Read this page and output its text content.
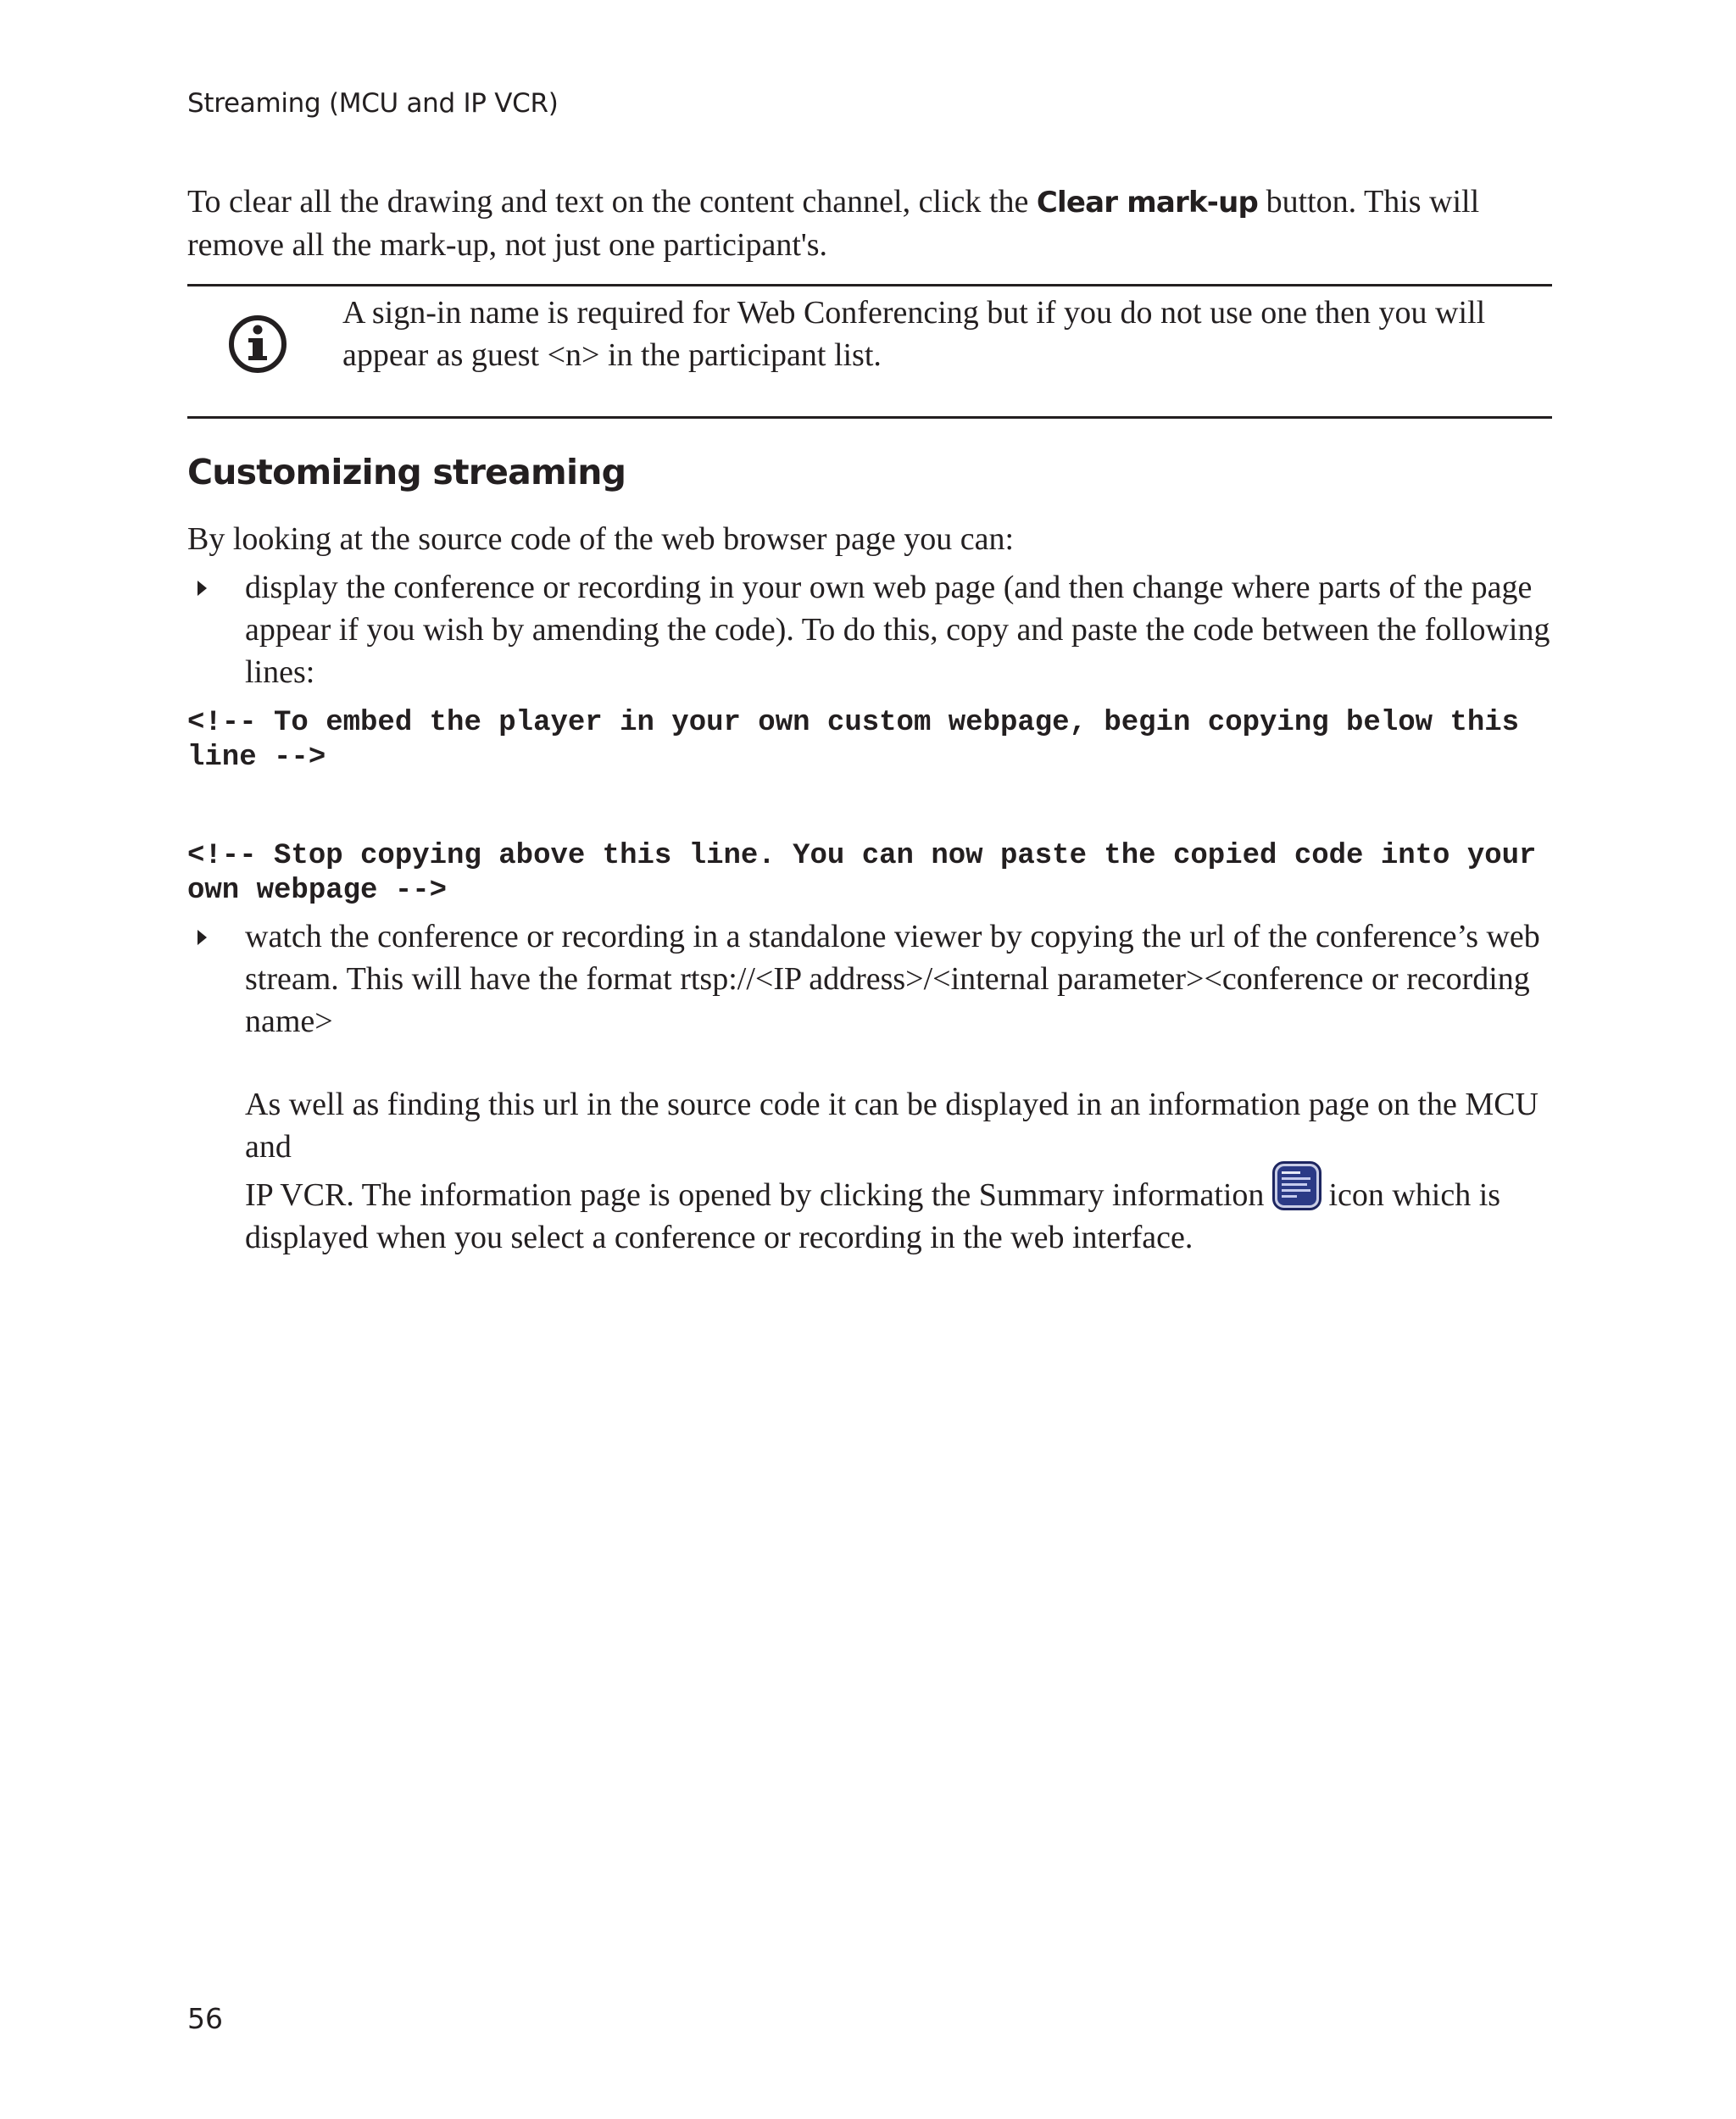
Streaming (MCU and IP VCR)

To clear all the drawing and text on the content channel, click the Clear mark-up button. This will remove all the mark-up, not just one participant's.

A sign-in name is required for Web Conferencing but if you do not use one then you will appear as guest <n> in the participant list.

Customizing streaming

By looking at the source code of the web browser page you can:

display the conference or recording in your own web page (and then change where parts of the page appear if you wish by amending the code). To do this, copy and paste the code between the following lines:

<!-- To embed the player in your own custom webpage, begin copying below this line -->
<!-- Stop copying above this line. You can now paste the copied code into your own webpage -->

watch the conference or recording in a standalone viewer by copying the url of the conference’s web stream. This will have the format rtsp://<IP address>/<internal parameter><conference or recording name>

As well as finding this url in the source code it can be displayed in an information page on the MCU and

IP VCR. The information page is opened by clicking the Summary information icon which is displayed when you select a conference or recording in the web interface.

56
